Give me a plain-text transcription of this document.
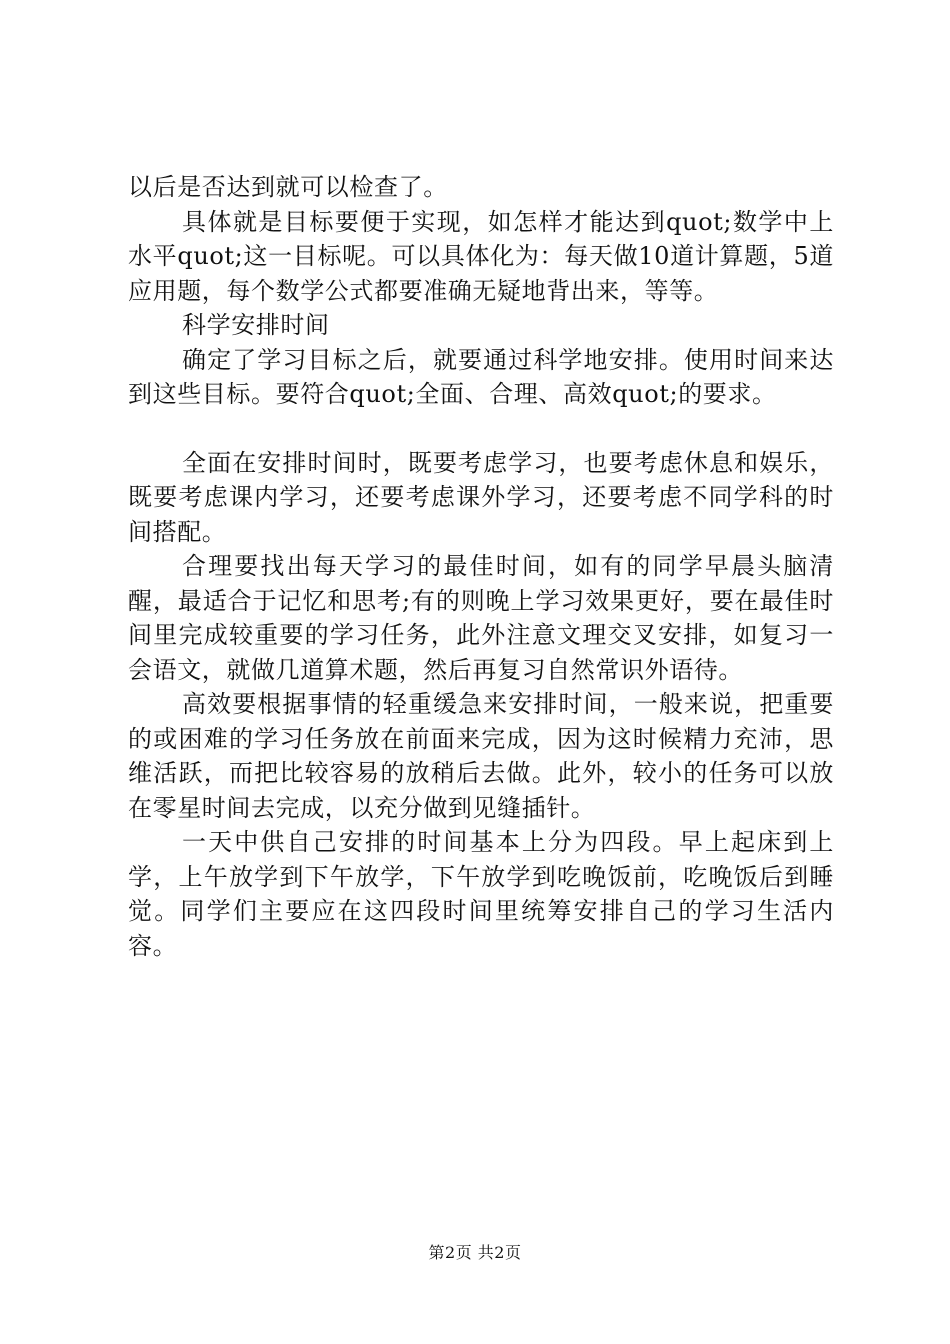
以后是否达到就可以检查了。

具体就是目标要便于实现，如怎样才能达到quot;数学中上水平quot;这一目标呢。可以具体化为：每天做10道计算题，5道应用题，每个数学公式都要准确无疑地背出来，等等。

科学安排时间

确定了学习目标之后，就要通过科学地安排。使用时间来达到这些目标。要符合quot;全面、合理、高效quot;的要求。

全面在安排时间时，既要考虑学习，也要考虑休息和娱乐，既要考虑课内学习，还要考虑课外学习，还要考虑不同学科的时间搭配。

合理要找出每天学习的最佳时间，如有的同学早晨头脑清醒，最适合于记忆和思考;有的则晚上学习效果更好，要在最佳时间里完成较重要的学习任务，此外注意文理交叉安排，如复习一会语文，就做几道算术题，然后再复习自然常识外语待。

高效要根据事情的轻重缓急来安排时间，一般来说，把重要的或困难的学习任务放在前面来完成，因为这时候精力充沛，思维活跃，而把比较容易的放稍后去做。此外，较小的任务可以放在零星时间去完成，以充分做到见缝插针。

一天中供自己安排的时间基本上分为四段。早上起床到上学，上午放学到下午放学，下午放学到吃晚饭前，吃晚饭后到睡觉。同学们主要应在这四段时间里统筹安排自己的学习生活内容。

第2页 共2页
